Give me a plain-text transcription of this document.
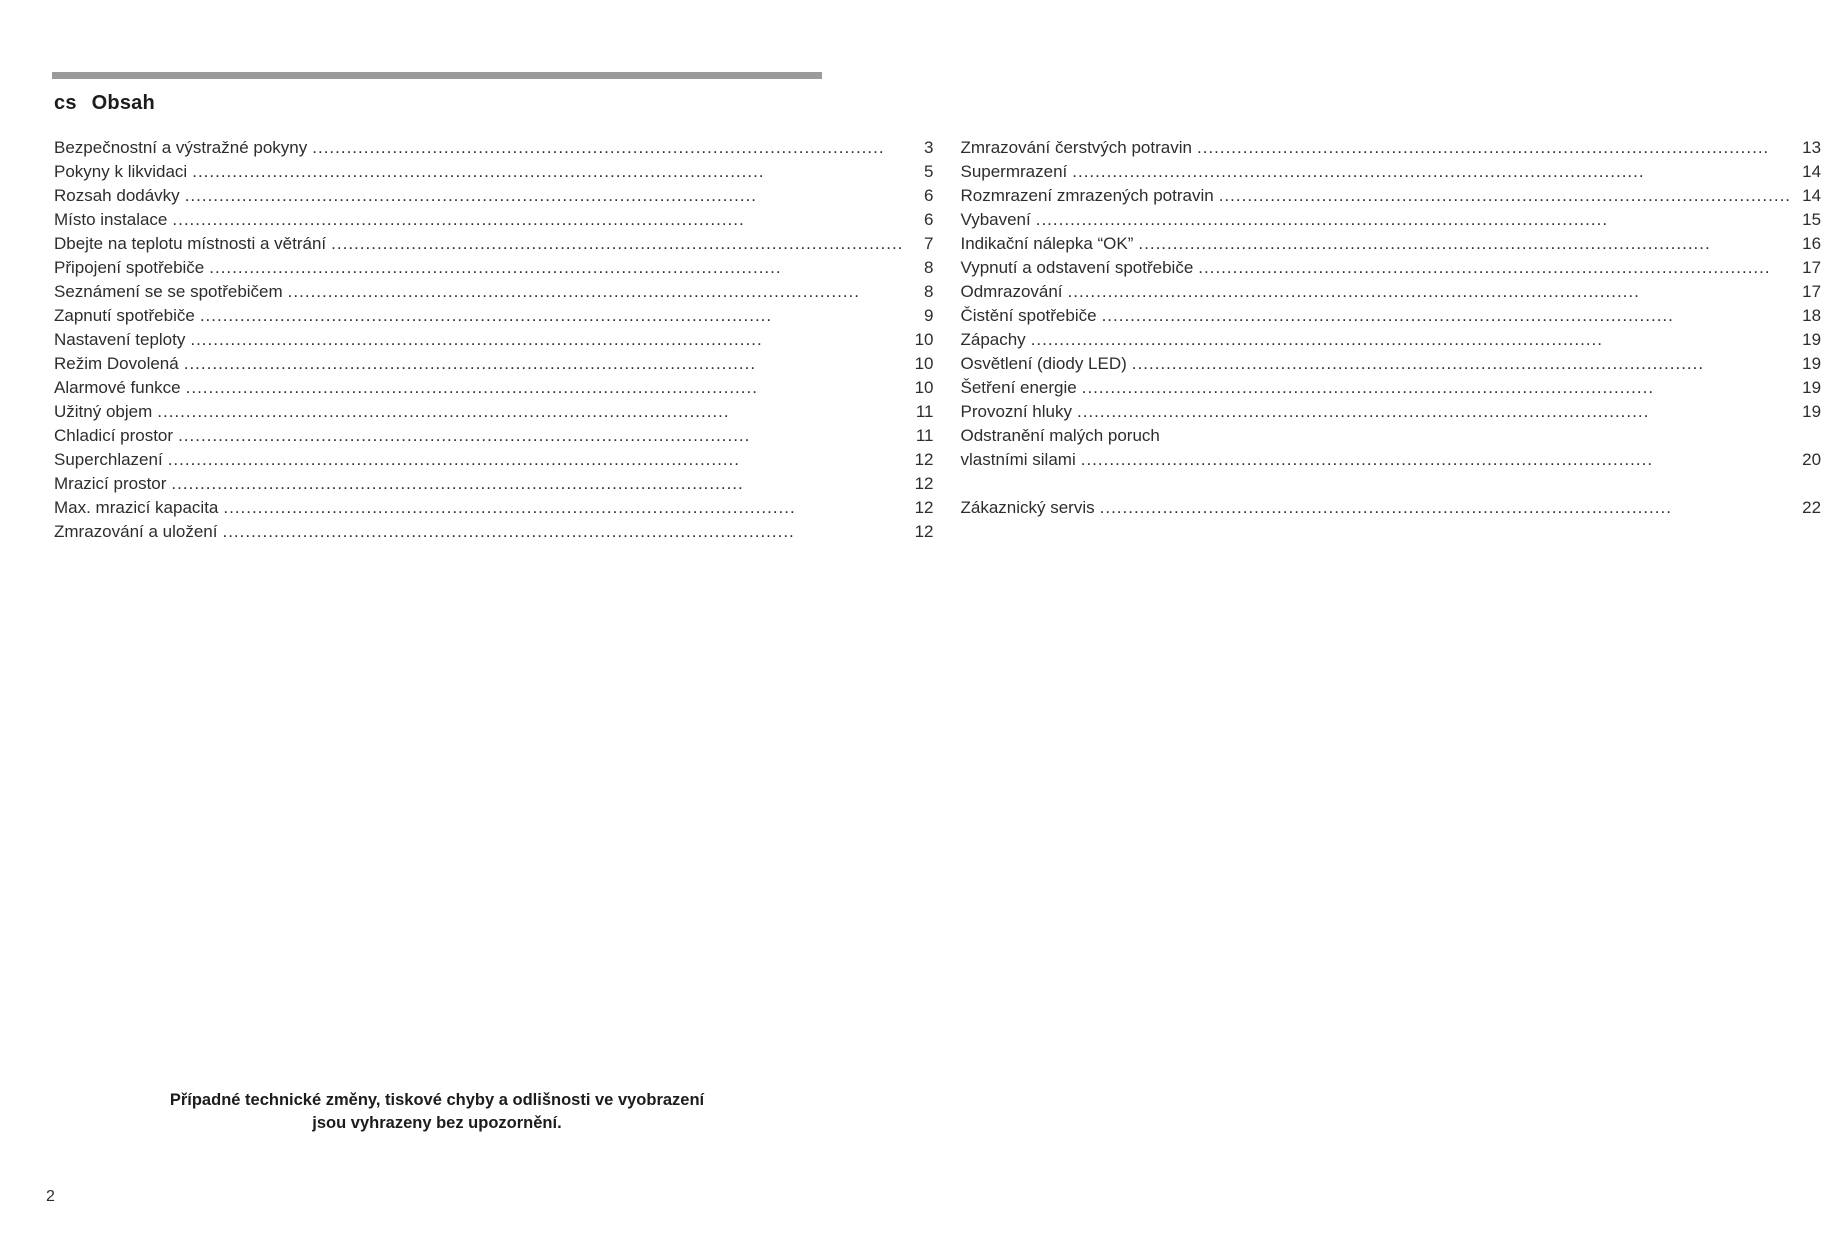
cs Obsah
Bezpečnostní a výstražné pokyny .....	3
Pokyny k likvidaci .....	5
Rozsah dodávky .....	6
Místo instalace .....	6
Dbejte na teplotu místnosti a větrání .....	7
Připojení spotřebiče .....	8
Seznámení se se spotřebičem .....	8
Zapnutí spotřebiče .....	9
Nastavení teploty .....	10
Režim Dovolená .....	10
Alarmové funkce .....	10
Užitný objem .....	11
Chladicí prostor .....	11
Superchlazení .....	12
Mrazicí prostor .....	12
Max. mrazicí kapacita .....	12
Zmrazování a uložení .....	12
Zmrazování čerstvých potravin .....	13
Supermrazení .....	14
Rozmrazení zmrazených potravin .....	14
Vybavení .....	15
Indikační nálepka “OK” .....	16
Vypnutí a odstavení spotřebiče .....	17
Odmrazování .....	17
Čistění spotřebiče .....	18
Zápachy .....	19
Osvětlení (diody LED) .....	19
Šetření energie .....	19
Provozní hluky .....	19
Odstranění malých poruch
vlastními silami .....	20
Zákaznický servis .....	22
Případné technické změny, tiskové chyby a odlišnosti ve vyobrazení
jsou vyhrazeny bez upozornění.
2
